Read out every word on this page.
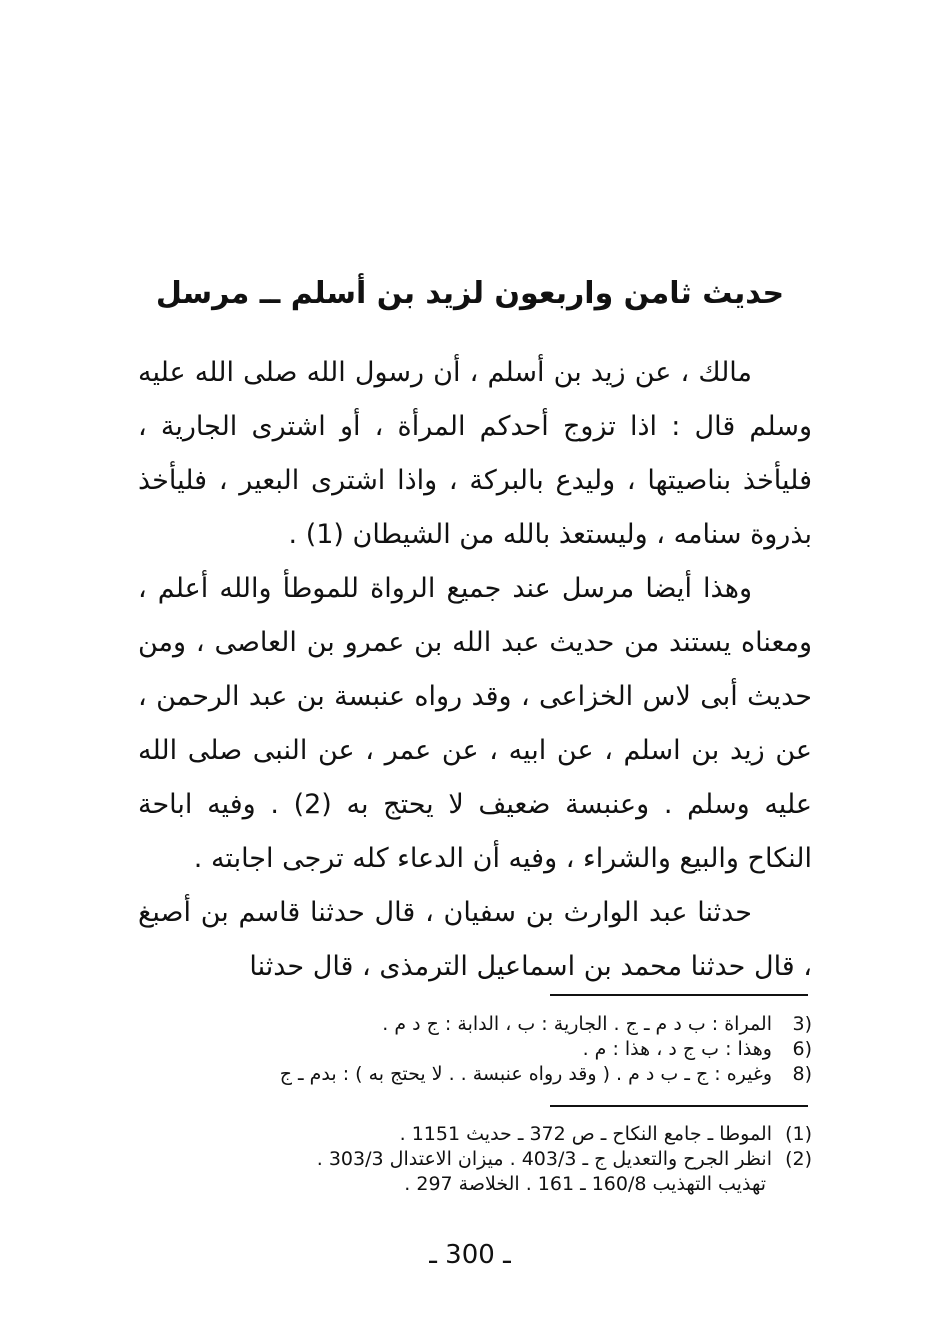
حديث ثامن واربعون لزيد بن أسلم ــ مرسل

مالك ، عن زيد بن أسلم ، أن رسول الله صلى الله عليه وسلم قال : اذا تزوج أحدكم المرأة ، أو اشترى الجارية ، فليأخذ بناصيتها ، وليدع بالبركة ، واذا اشترى البعير ، فليأخذ بذروة سنامه ، وليستعذ بالله من الشيطان (1) .

وهذا أيضا مرسل عند جميع الرواة للموطأ والله أعلم ، ومعناه يستند من حديث عبد الله بن عمرو بن العاصى ، ومن حديث أبى لاس الخزاعى ، وقد رواه عنبسة بن عبد الرحمن ، عن زيد بن اسلم ، عن ابيه ، عن عمر ، عن النبى صلى الله عليه وسلم . وعنبسة ضعيف لا يحتج به (2) . وفيه اباحة النكاح والبيع والشراء ، وفيه أن الدعاء كله ترجى اجابته .

حدثنا عبد الوارث بن سفيان ، قال حدثنا قاسم بن أصبغ ، قال حدثنا محمد بن اسماعيل الترمذى ، قال حدثنا

3)
المراة : ب د م ـ ج . الجارية : ب ، الدابة : ج د م .
6)
وهذا : ب ج د ، هذا : م .
8)
وغيره : ج ـ ب د م . ( وقد رواه عنبسة . . لا يحتج به ) : بدم ـ ج
(1)
الموطا ـ جامع النكاح ـ ص 372 ـ حديث 1151 .
(2)
انظر الجرح والتعديل ج ـ 403/3 . ميزان الاعتدال 303/3 .
تهذيب التهذيب 160/8 ـ 161 . الخلاصة 297 .
ـ 300 ـ
